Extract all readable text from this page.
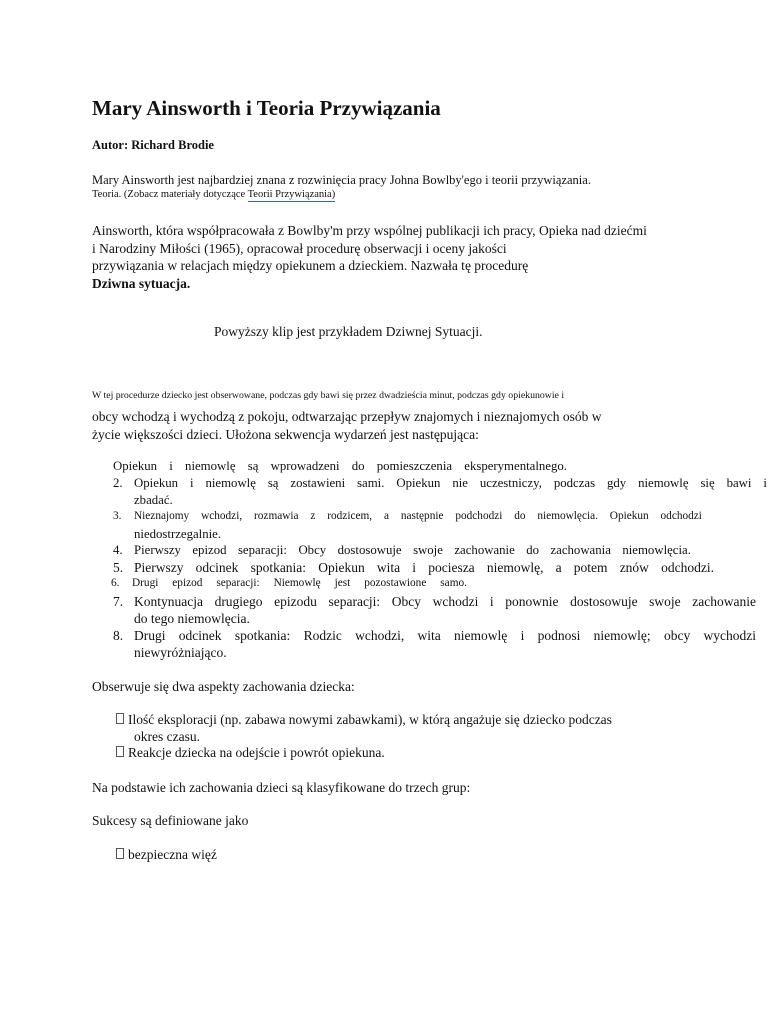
Mary Ainsworth i Teoria Przywiązania
Autor: Richard Brodie
Mary Ainsworth jest najbardziej znana z rozwinięcia pracy Johna Bowlby'ego i teorii przywiązania.
Teoria. (Zobacz materiały dotyczące Teorii Przywiązania)
Ainsworth, która współpracowała z Bowlby'm przy wspólnej publikacji ich pracy, Opieka nad dziećmi
i Narodziny Miłości (1965), opracował procedurę obserwacji i oceny jakości
przywiązania w relacjach między opiekunem a dzieckiem. Nazwała tę procedurę
Dziwna sytuacja.
Powyższy klip jest przykładem Dziwnej Sytuacji.
W tej procedurze dziecko jest obserwowane, podczas gdy bawi się przez dwadzieścia minut, podczas gdy opiekunowie i
obcy wchodzą i wychodzą z pokoju, odtwarzając przepływ znajomych i nieznajomych osób w
życie większości dzieci. Ułożona sekwencja wydarzeń jest następująca:
Opiekun i niemowlę są wprowadzeni do pomieszczenia eksperymentalnego.
2. Opiekun i niemowlę są zostawieni sami. Opiekun nie uczestniczy, podczas gdy niemowlę się bawi i
zbadać.
3. Nieznajomy wchodzi, rozmawia z rodzicem, a następnie podchodzi do niemowlęcia. Opiekun odchodzi
niedostrzegalnie.
4. Pierwszy epizod separacji: Obcy dostosowuje swoje zachowanie do zachowania niemowlęcia.
5. Pierwszy odcinek spotkania: Opiekun wita i pociesza niemowlę, a potem znów odchodzi.
6. Drugi epizod separacji: Niemowlę jest pozostawione samo.
7. Kontynuacja drugiego epizodu separacji: Obcy wchodzi i ponownie dostosowuje swoje zachowanie
do tego niemowlęcia.
8. Drugi odcinek spotkania: Rodzic wchodzi, wita niemowlę i podnosi niemowlę; obcy wychodzi
niewyróżniająco.
Obserwuje się dwa aspekty zachowania dziecka:
Ilość eksploracji (np. zabawa nowymi zabawkami), w którą angażuje się dziecko podczas
okres czasu.
Reakcje dziecka na odejście i powrót opiekuna.
Na podstawie ich zachowania dzieci są klasyfikowane do trzech grup:
Sukcesy są definiowane jako
bezpieczna więź
